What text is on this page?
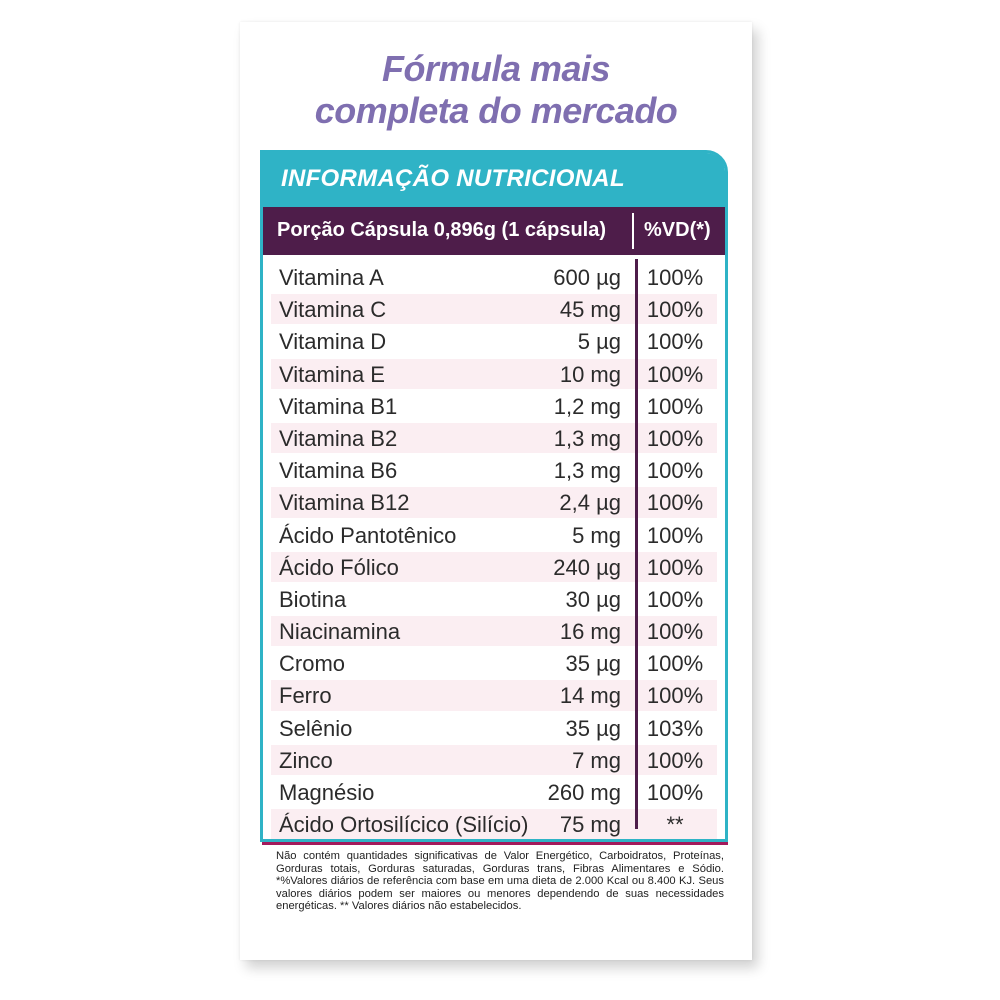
Fórmula mais
completa do mercado
INFORMAÇÃO NUTRICIONAL
Porção Cápsula 0,896g (1 cápsula) %VD(*)
Vitamina A	600 µg	100%
Vitamina C	45 mg	100%
Vitamina D	5 µg	100%
Vitamina E	10 mg	100%
Vitamina B1	1,2 mg	100%
Vitamina B2	1,3 mg	100%
Vitamina B6	1,3 mg	100%
Vitamina B12	2,4 µg	100%
Ácido Pantotênico	5 mg	100%
Ácido Fólico	240 µg	100%
Biotina	30 µg	100%
Niacinamina	16 mg	100%
Cromo	35 µg	100%
Ferro	14 mg	100%
Selênio	35 µg	103%
Zinco	7 mg	100%
Magnésio	260 mg	100%
Ácido Ortosilícico (Silício) 75 mg	**
Não contém quantidades significativas de Valor Energético, Carboidratos, Proteínas, Gorduras totais, Gorduras saturadas, Gorduras trans, Fibras Alimentares e Sódio. *%Valores diários de referência com base em uma dieta de 2.000 Kcal ou 8.400 KJ. Seus valores diários podem ser maiores ou menores dependendo de suas necessidades energéticas. ** Valores diários não estabelecidos.
